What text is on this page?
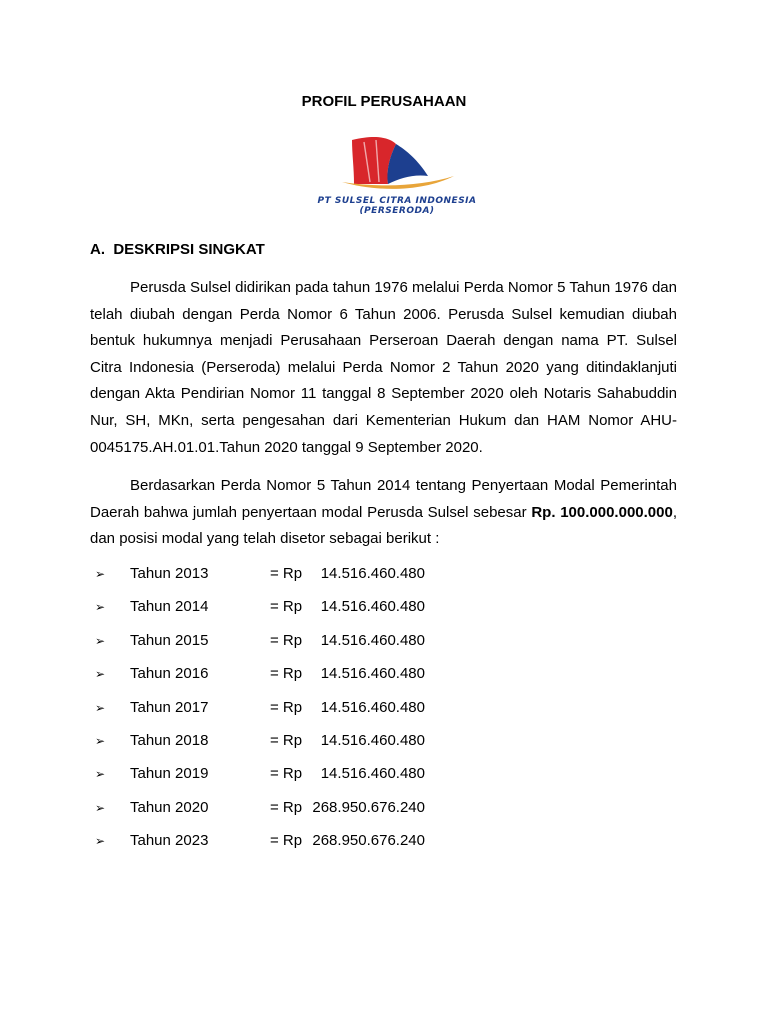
PROFIL PERUSAHAAN
PT SULSEL CITRA INDONESIA
(PERSERODA)
A.  DESKRIPSI SINGKAT

Perusda Sulsel didirikan pada tahun 1976 melalui Perda Nomor 5 Tahun 1976 dan telah diubah dengan Perda Nomor 6 Tahun 2006. Perusda Sulsel kemudian diubah bentuk hukumnya menjadi Perusahaan Perseroan Daerah dengan nama PT. Sulsel Citra Indonesia (Perseroda) melalui Perda Nomor 2 Tahun 2020 yang ditindaklanjuti dengan Akta Pendirian Nomor 11 tanggal 8 September 2020 oleh Notaris Sahabuddin Nur, SH, MKn, serta pengesahan dari Kementerian Hukum dan HAM Nomor AHU-0045175.AH.01.01.Tahun 2020 tanggal 9 September 2020.

Berdasarkan Perda Nomor 5 Tahun 2014 tentang Penyertaan Modal Pemerintah Daerah bahwa jumlah penyertaan modal Perusda Sulsel sebesar Rp. 100.000.000.000, dan posisi modal yang telah disetor sebagai berikut :

➢ Tahun 2013	= Rp	14.516.460.480
➢ Tahun 2014	= Rp	14.516.460.480
➢ Tahun 2015	= Rp	14.516.460.480
➢ Tahun 2016	= Rp	14.516.460.480
➢ Tahun 2017	= Rp	14.516.460.480
➢ Tahun 2018	= Rp	14.516.460.480
➢ Tahun 2019	= Rp	14.516.460.480
➢ Tahun 2020	= Rp 268.950.676.240
➢ Tahun 2023	= Rp 268.950.676.240
